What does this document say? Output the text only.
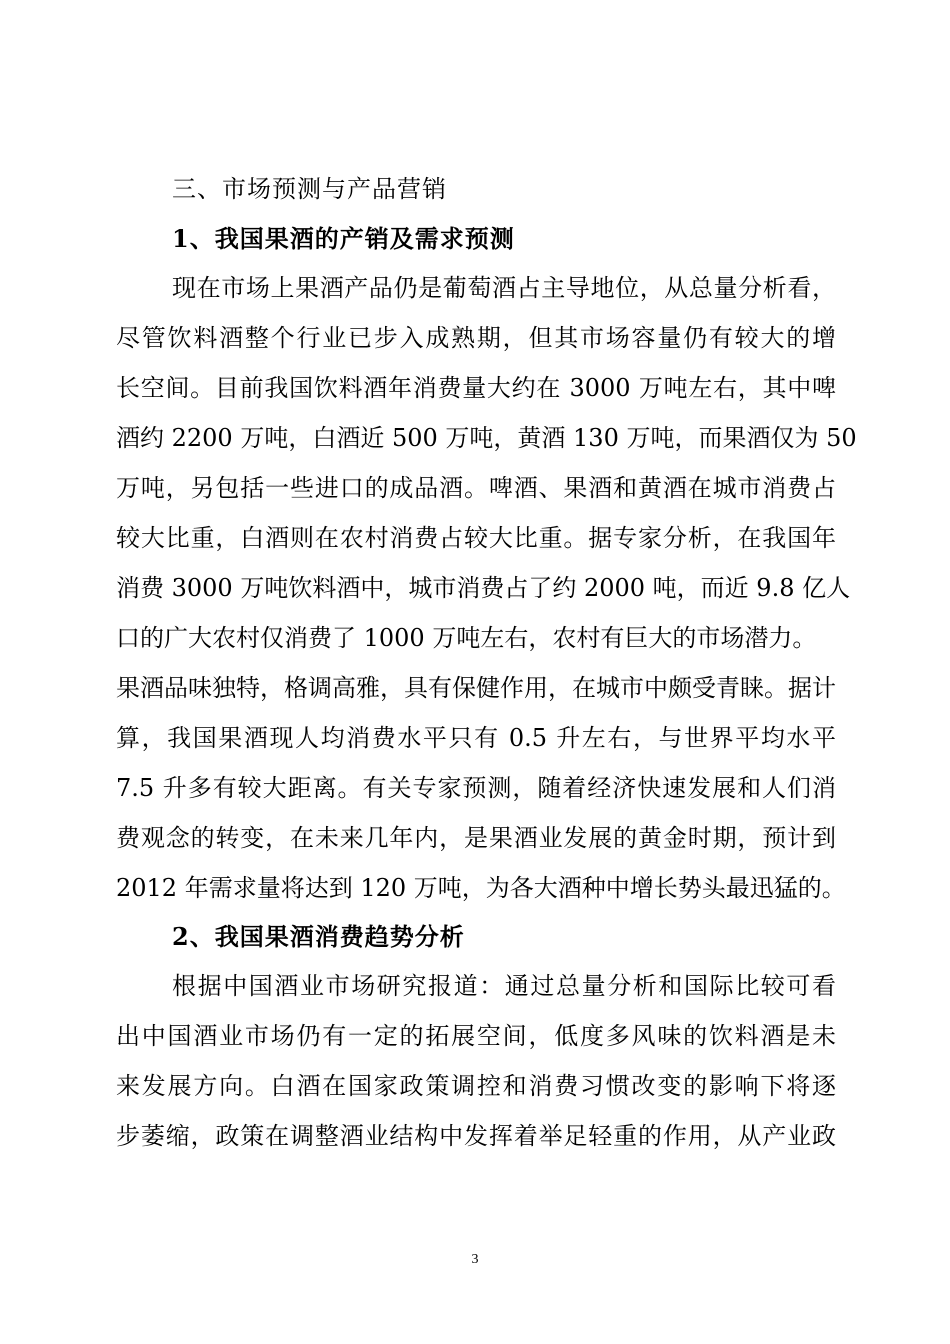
三、市场预测与产品营销
1、我国果酒的产销及需求预测
现在市场上果酒产品仍是葡萄酒占主导地位，从总量分析看，
尽管饮料酒整个行业已步入成熟期，但其市场容量仍有较大的增
长空间。目前我国饮料酒年消费量大约在 3000 万吨左右，其中啤
酒约 2200 万吨，白酒近 500 万吨，黄酒 130 万吨，而果酒仅为 50
万吨，另包括一些进口的成品酒。啤酒、果酒和黄酒在城市消费占
较大比重，白酒则在农村消费占较大比重。据专家分析，在我国年
消费 3000 万吨饮料酒中，城市消费占了约 2000 吨，而近 9.8 亿人
口的广大农村仅消费了 1000 万吨左右，农村有巨大的市场潜力。
果酒品味独特，格调高雅，具有保健作用，在城市中颇受青睐。据计
算，我国果酒现人均消费水平只有 0.5 升左右，与世界平均水平
7.5 升多有较大距离。有关专家预测，随着经济快速发展和人们消
费观念的转变，在未来几年内，是果酒业发展的黄金时期，预计到
2012 年需求量将达到 120 万吨，为各大酒种中增长势头最迅猛的。
2、我国果酒消费趋势分析
根据中国酒业市场研究报道：通过总量分析和国际比较可看
出中国酒业市场仍有一定的拓展空间，低度多风味的饮料酒是未
来发展方向。白酒在国家政策调控和消费习惯改变的影响下将逐
步萎缩，政策在调整酒业结构中发挥着举足轻重的作用，从产业政
3
